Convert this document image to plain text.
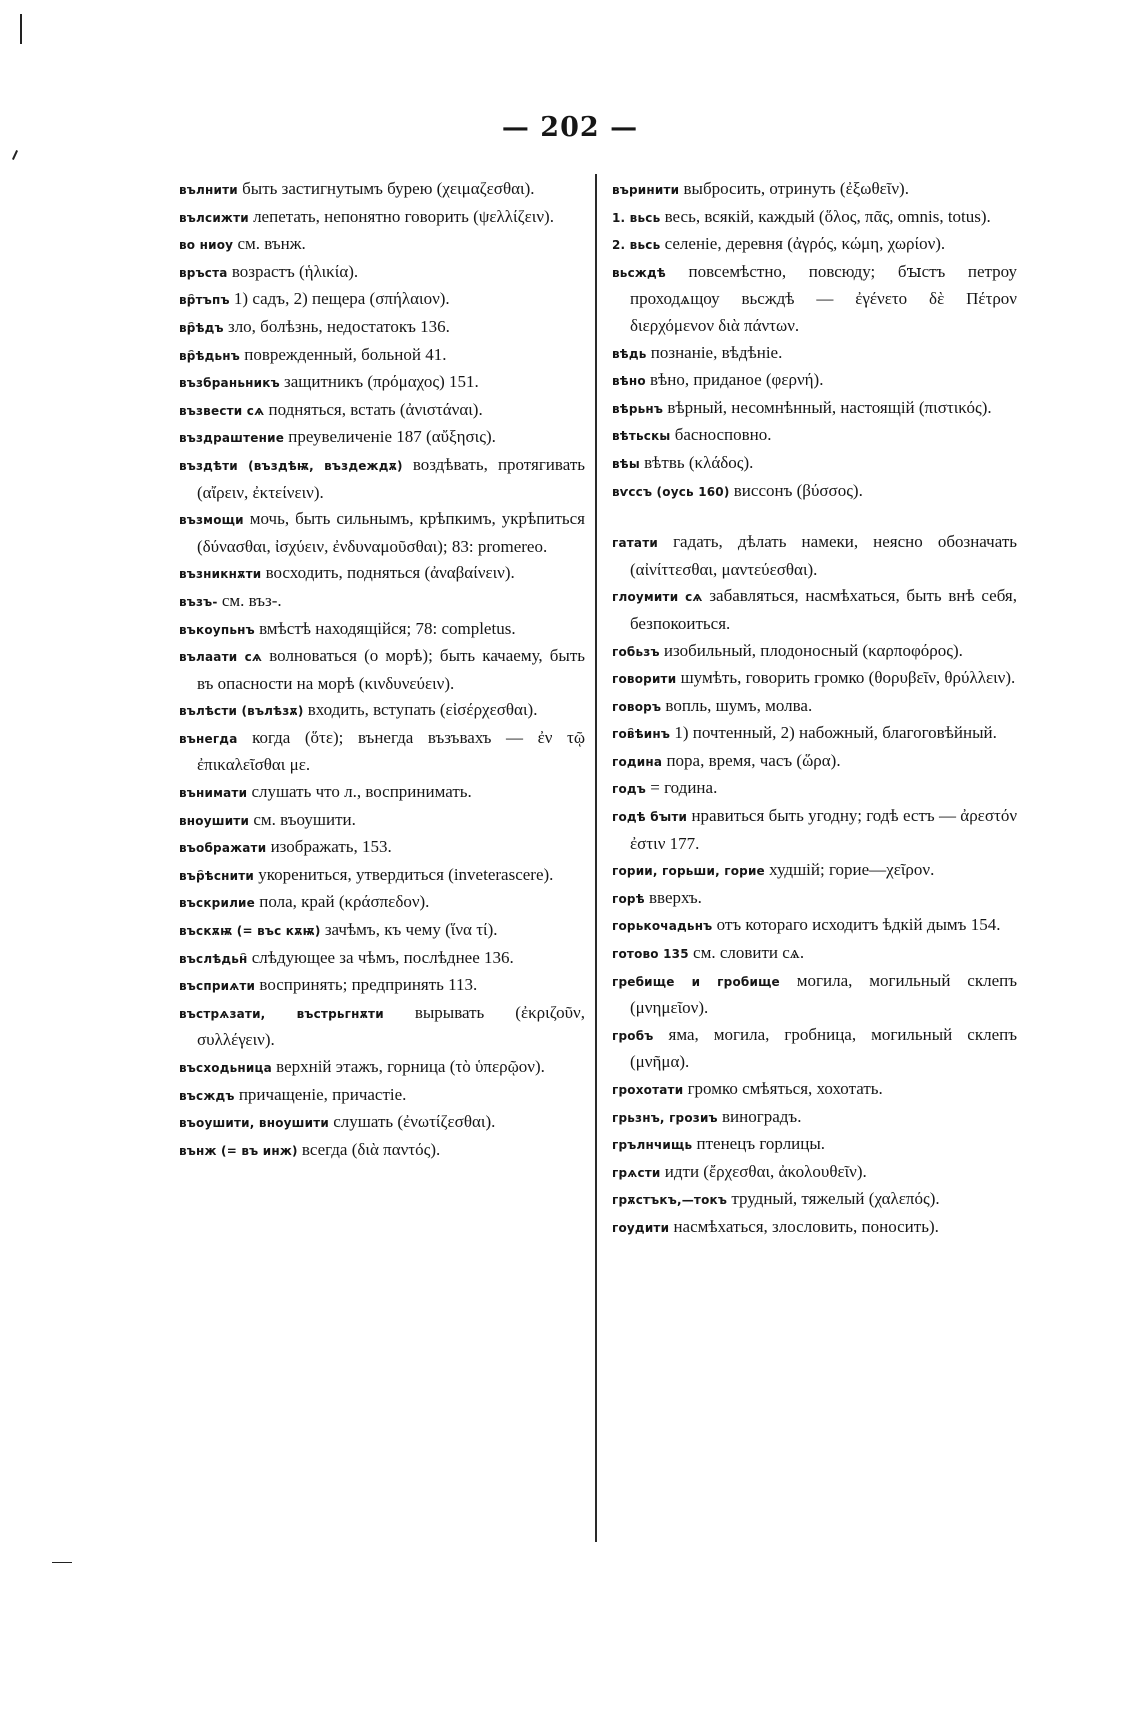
— 202 —

вълнити быть застигнутымъ бурею (χειμαζεσθαι).

вълсижти лепетать, непонятно говорить (ψελλίζειν).

во ниоу см. вънж.

връста возрастъ (ἡλικία).

вр҄тъпъ 1) садъ, 2) пещера (σπήλαιον).

вр҄ѣдъ зло, болѣзнь, недостатокъ 136.

вр҄ѣдьнъ поврежденный, больной 41.

възбраньникъ защитникъ (πρόμαχος) 151.

възвести сѧ подняться, встать (ἀνιστάναι).

въздраштение преувеличеніе 187 (αὔξησις).

въздѣти (въздѣѭ, въздеждѫ) воздѣвать, протягивать (αἴρειν, ἐκτείνειν).

възмощи мочь, быть сильнымъ, крѣпкимъ, укрѣпиться (δύνασθαι, ἰσχύειν, ἐνδυναμοῦσθαι); 83: promereo.

възникнѫти восходить, подняться (ἀναβαίνειν).

възъ- см. въз-.

въкоупьнъ вмѣстѣ находящійся; 78: completus.

вълаати сѧ волноваться (о морѣ); быть качаему, быть въ опасности на морѣ (κινδυνεύειν).

вълѣсти (вълѣзѫ) входить, вступать (εἰσέρχεσθαι).

вънегда когда (ὅτε); вънегда възъвахъ — ἐν τῷ ἐπικαλεῖσθαι με.

вънимати слушать что л., воспринимать.

вноушити см. въоушити.

въображати изображать, 153.

вър҄ѣснити укорениться, утвердиться (inveterascere).

въскрилие пола, край (κράσπεδον).

въскѫѭ (= въс кѫѭ) зачѣмъ, къ чему (ἵνα τί).

въслѣдьн҄ слѣдующее за чѣмъ, послѣднее 136.

въсприѧти воспринять; предпринять 113.

въстрѧзати, въстрьгнѫти вырывать (ἐκριζοῦν, συλλέγειν).

въсходьница верхній этажъ, горница (τὸ ὑπερῷον).

въсждъ причащеніе, причастіе.

въоушити, вноушити слушать (ἐνωτίζεσθαι).

вънж (= въ инж) всегда (διὰ παντός).

въринити выбросить, отринуть (ἐξωθεῖν).

1. вьсь весь, всякій, каждый (ὅλος, πᾶς, omnis, totus).

2. вьсь селеніе, деревня (ἀγρός, κώμη, χωρίον).

вьсждѣ повсемѣстно, повсюду; бꙑстъ петроу проходѧщоу вьсждѣ — ἐγένετο δὲ Πέτρον διερχόμενον διὰ πάντων.

вѣдь познаніе, вѣдѣніе.

вѣно вѣно, приданое (φερνή).

вѣрьнъ вѣрный, несомнѣнный, настоящій (πιστικός).

вѣтьскы басносповно.

вѣы вѣтвь (κλάδος).

вѵссъ (оусь 160) виссонъ (βύσσος).

гатати гадать, дѣлать намеки, неясно обозначать (αἰνίττεσθαι, μαντεύεσθαι).

глоумити сѧ забавляться, насмѣхаться, быть внѣ себя, безпокоиться.

гобьзъ изобильный, плодоносный (καρποφόρος).

говорити шумѣть, говорить громко (θορυβεῖν, θρύλλειν).

говоръ вопль, шумъ, молва.

гов҄ѣинъ 1) почтенный, 2) набожный, благоговѣйный.

година пора, время, часъ (ὥρα).

годъ = година.

годѣ бꙑти нравиться быть угодну; годѣ естъ — ἀρεστόν ἐστιν 177.

гории, горьши, горие худшій; горие—χεῖρον.

горѣ вверхъ.

горькочадьнъ отъ котораго исходитъ ѣдкій дымъ 154.

готово 135 см. словити сѧ.

гребище и гробище могила, могильный склепъ (μνημεῖον).

гробъ яма, могила, гробница, могильный склепъ (μνῆμα).

грохотати громко смѣяться, хохотать.

грьзнъ, грозиъ виноградъ.

грълнчищь птенецъ горлицы.

грѧсти идти (ἔρχεσθαι, ἀκολουθεῖν).

грѫстъкъ,—токъ трудный, тяжелый (χαλεπός).

гоудити насмѣхаться, злословить, поносить).
